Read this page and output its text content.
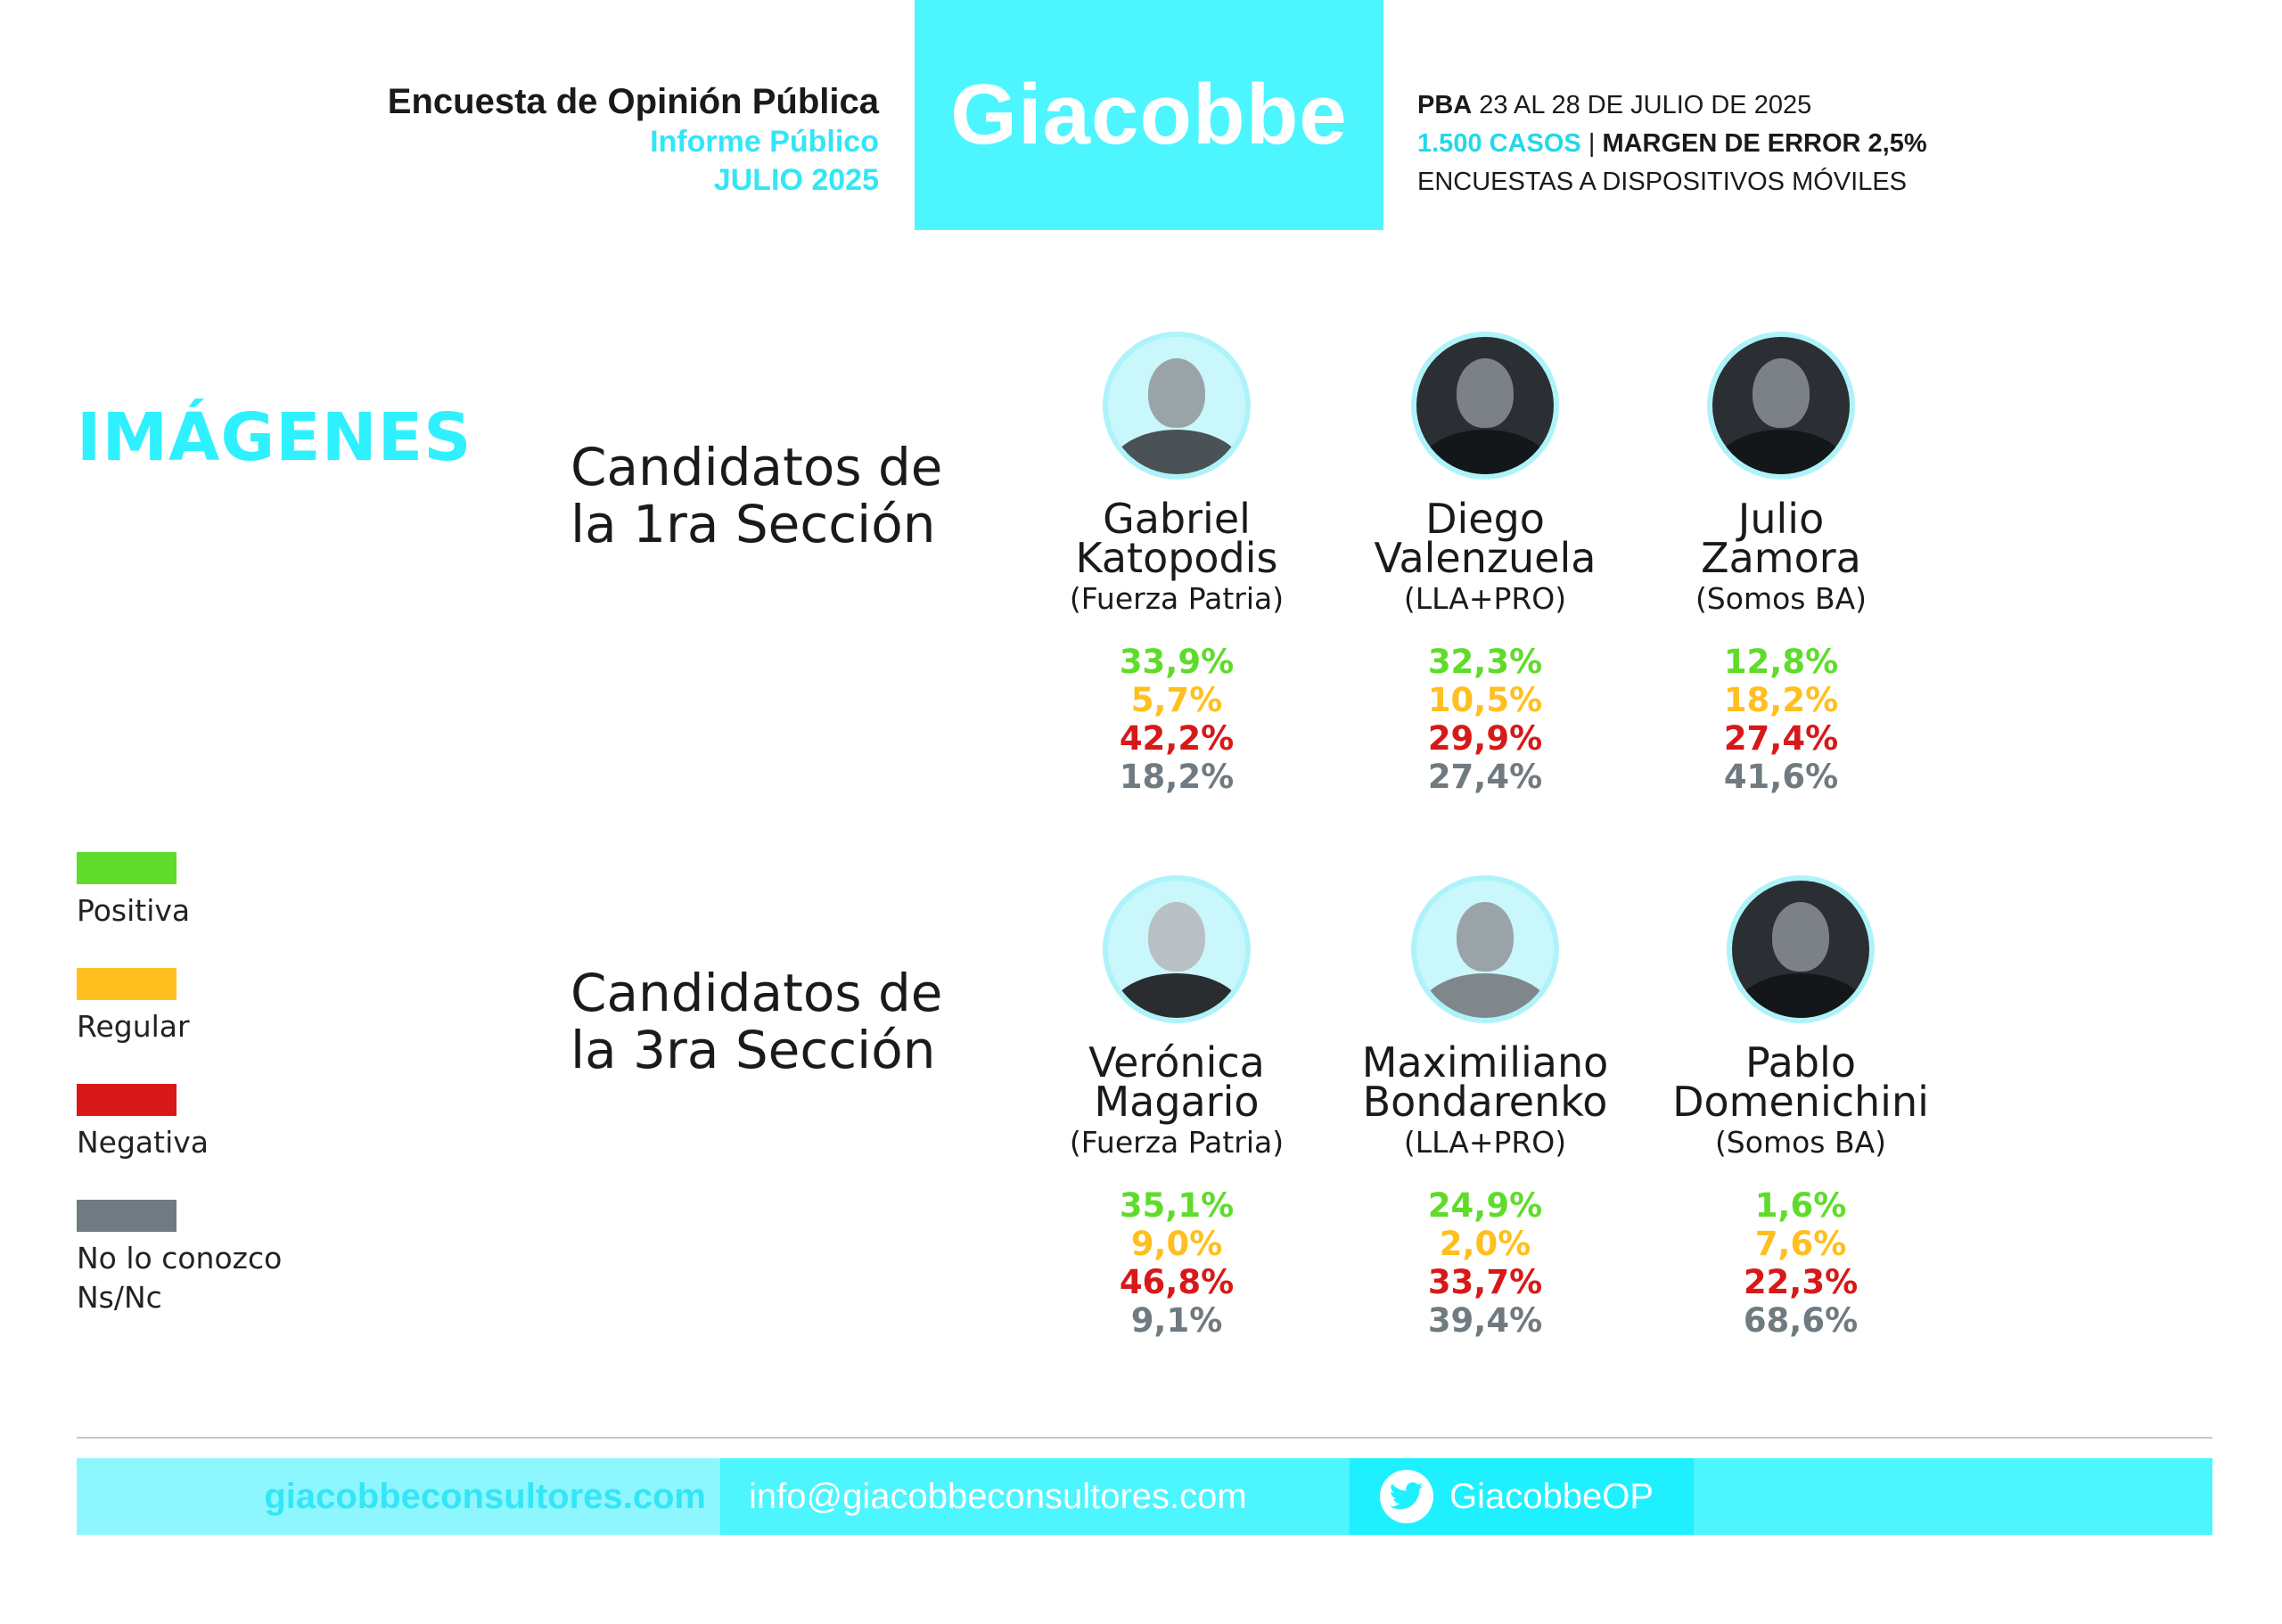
Encuesta de Opinión Pública
Informe Público
JULIO 2025
Giacobbe	PBA 23 AL 28 DE JULIO DE 2025
1.500 CASOS | MARGEN DE ERROR 2,5%
ENCUESTAS A DISPOSITIVOS MÓVILES
IMÁGENES Candidatos de
la 1ra Sección
Candidatos de
la 3ra Sección
Positiva
Regular
Negativa
No lo conozco
Ns/Nc
Gabriel
Katopodis
(Fuerza Patria)
33,9%
5,7%
42,2%
18,2%
Diego
Valenzuela
(LLA+PRO)
32,3%
10,5%
29,9%
27,4%
Julio
Zamora
(Somos BA)
12,8%
18,2%
27,4%
41,6%
Verónica
Magario
(Fuerza Patria)
35,1%
9,0%
46,8%
9,1%
Maximiliano
Bondarenko
(LLA+PRO)
24,9%
2,0%
33,7%
39,4%
Pablo
Domenichini
(Somos BA)
1,6%
7,6%
22,3%
68,6%
giacobbeconsultores.com info@giacobbeconsultores.com	GiacobbeOP
